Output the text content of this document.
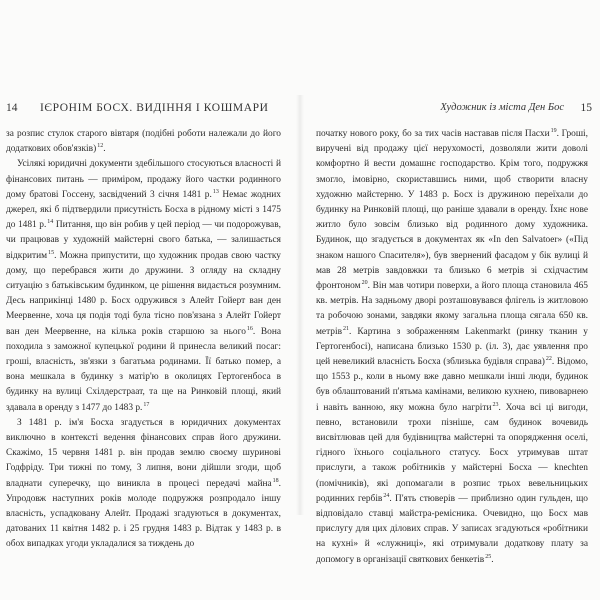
14 ІЄРОНІМ БОСХ. ВИДІННЯ І КОШМАРИ

за розпис стулок старого вівтаря (подібні роботи належали до його додаткових обов'язків)$^{12}$.

Усілякі юридичні документи здебільшого стосуються власності й фінансових питань — приміром, продажу його частки родинного дому братові Госсену, засвідчений 3 січня 1481 р.$^{13}$ Немає жодних джерел, які б підтвердили присутність Босха в рідному місті з 1475 до 1481 р.$^{14}$ Питання, що він робив у цей період — чи подорожував, чи працював у художній майстерні свого батька, — залишається відкритим$^{15}$. Можна припустити, що художник продав свою частку дому, що перебрався жити до дружини. З огляду на складну ситуацію з батьківським будинком, це рішення видається розумним. Десь наприкінці 1480 р. Босх одружився з Алейт Гойерт ван ден Меервенне, хоча ця подія тоді була тісно пов'язана з Алейт Гойерт ван ден Меервенне, на кілька років старшою за нього$^{16}$. Вона походила з заможної купецької родини й принесла великий посаг: гроші, власність, зв'язки з багатьма родинами. Її батько помер, а вона мешкала в будинку з матір'ю в околицях Гертогенбоса в будинку на вулиці Схілдерстраат, та ще на Ринковій площі, який здавала в оренду з 1477 до 1483 р.$^{17}$

З 1481 р. ім'я Босха згадується в юридичних документах виключно в контексті ведення фінансових справ його дружини. Скажімо, 15 червня 1481 р. він продав землю своєму шуринові Годфріду. Три тижні по тому, 3 липня, вони дійшли згоди, щоб владнати суперечку, що виникла в процесі передачі майна$^{18}$. Упродовж наступних років молоде подружжя розпродало іншу власність, успадковану Алейт. Продажі згадуються в документах, датованих 11 квітня 1482 р. і 25 грудня 1483 р. Відтак у 1483 р. в обох випадках угоди укладалися за тиждень до

Художник із міста Ден Бос 15

початку нового року, бо за тих часів наставав після Пасхи$^{19}$. Гроші, виручені від продажу цієї нерухомості, дозволяли жити доволі комфортно й вести домашнє господарство. Крім того, подружжя змогло, імовірно, скориставшись ними, щоб створити власну художню майстерню. У 1483 р. Босх із дружиною переїхали до будинку на Ринковій площі, що раніше здавали в оренду. Їхнє нове житло було зовсім близько від родинного дому художника. Будинок, що згадується в документах як «In den Salvatoer» («Під знаком нашого Спасителя»), був звернений фасадом у бік вулиці й мав 28 метрів завдовжки та близько 6 метрів зі східчастим фронтоном$^{20}$. Він мав чотири поверхи, а його площа становила 465 кв. метрів. На задньому дворі розташовувався флігель із житловою та робочою зонами, завдяки якому загальна площа сягала 650 кв. метрів$^{21}$. Картина з зображенням Lakenmarkt (ринку тканин у Гертогенбосі), написана близько 1530 р. (іл. 3), дає уявлення про цей невеликий власність Босха (зблизька будівля справа)$^{22}$. Відомо, що 1553 р., коли в ньому вже давно мешкали інші люди, будинок був облаштований п'ятьма камінами, великою кухнею, пивоварнею і навіть ванною, яку можна було нагріти$^{23}$. Хоча всі ці вигоди, певно, встановили трохи пізніше, сам будинок вочевидь висвітлював цей для будівництва майстерні та опорядження оселі, гідного їхнього соціального статусу. Босх утримував штат прислуги, а також робітників у майстерні Босха — knechten (помічників), які допомагали в розпис трьох вевельницьких родинних гербів$^{24}$. П'ять стюверів — приблизно один гульден, що відповідало ставці майстра-ремісника. Очевидно, що Босх мав прислугу для цих ділових справ. У записах згадуються «робітники на кухні» й «служниці», які отримували додаткову плату за допомогу в організації святкових бенкетів$^{25}$.
